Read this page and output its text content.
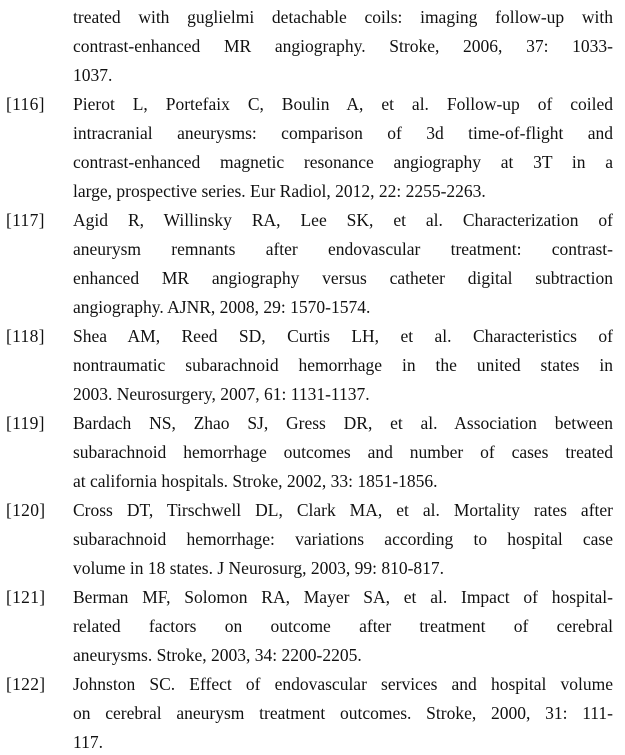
treated with guglielmi detachable coils: imaging follow-up with
contrast-enhanced MR angiography. Stroke, 2006, 37: 1033-
1037.
[116] Pierot L, Portefaix C, Boulin A, et al. Follow-up of coiled
intracranial aneurysms: comparison of 3d time-of-flight and
contrast-enhanced magnetic resonance angiography at 3T in a
large, prospective series. Eur Radiol, 2012, 22: 2255-2263.
[117] Agid R, Willinsky RA, Lee SK, et al. Characterization of
aneurysm remnants after endovascular treatment: contrast-
enhanced MR angiography versus catheter digital subtraction
angiography. AJNR, 2008, 29: 1570-1574.
[118] Shea AM, Reed SD, Curtis LH, et al. Characteristics of
nontraumatic subarachnoid hemorrhage in the united states in
2003. Neurosurgery, 2007, 61: 1131-1137.
[119] Bardach NS, Zhao SJ, Gress DR, et al. Association between
subarachnoid hemorrhage outcomes and number of cases treated
at california hospitals. Stroke, 2002, 33: 1851-1856.
[120] Cross DT, Tirschwell DL, Clark MA, et al. Mortality rates after
subarachnoid hemorrhage: variations according to hospital case
volume in 18 states. J Neurosurg, 2003, 99: 810-817.
[121] Berman MF, Solomon RA, Mayer SA, et al. Impact of hospital-
related factors on outcome after treatment of cerebral
aneurysms. Stroke, 2003, 34: 2200-2205.
[122] Johnston SC. Effect of endovascular services and hospital volume
on cerebral aneurysm treatment outcomes. Stroke, 2000, 31: 111-
117.
